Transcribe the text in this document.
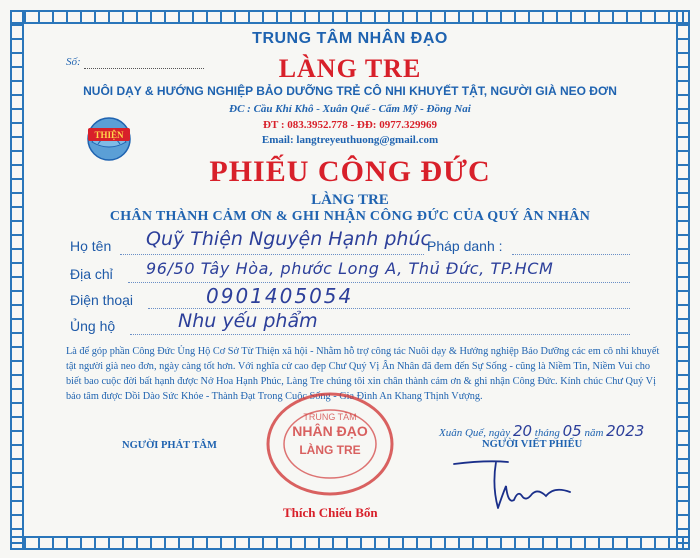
TRUNG TÂM NHÂN ĐẠO
Số:	LÀNG TRE
NUÔI DẠY & HƯỚNG NGHIỆP BẢO DƯỠNG TRẺ CÔ NHI KHUYẾT TẬT, NGƯỜI GIÀ NEO ĐƠN
ĐC : Cầu Khỉ Khô - Xuân Quế - Cẩm Mỹ - Đồng Nai
ĐT : 083.3952.778 - ĐĐ: 0977.329969
Email: langtreyeuthuong@gmail.com
THIỆN
PHIẾU CÔNG ĐỨC
LÀNG TRE
CHÂN THÀNH CẢM ƠN & GHI NHẬN CÔNG ĐỨC CỦA QUÝ ÂN NHÂN
Họ tên Quỹ Thiện Nguyện Hạnh phúc
Pháp danh :
Địa chỉ 96/50 Tây Hòa, phước Long A, Thủ Đức, TP.HCM
Điện thoại	0901405054
Ủng hộ	Nhu yếu phẩm
Là để góp phần Công Đức Ủng Hộ Cơ Sở Từ Thiện xã hội - Nhằm hỗ trợ công tác Nuôi dạy & Hướng nghiệp Bảo Dưỡng các em cô nhi khuyết tật người già neo đơn, ngày càng tốt hơn. Với nghĩa cử cao đẹp Chư Quý Vị Ân Nhân đã đem đến Sự Sống - cũng là Niềm Tin, Niềm Vui cho biết bao cuộc đời bất hạnh được Nở Hoa Hạnh Phúc, Làng Tre chúng tôi xin chân thành cảm ơn & ghi nhận Công Đức. Kính chúc Chư Quý Vị bảo tâm được Dồi Dào Sức Khỏe - Thành Đạt Trong Cuộc Sống - Gia Đình An Khang Thịnh Vượng.
TRUNG TÂM
NHÂN ĐẠO
LÀNG TRE
Xuân Quế, ngày 20 tháng 05 năm 2023
NGƯỜI PHÁT TÂM	NGƯỜI VIẾT PHIẾU
Thích Chiếu Bổn
